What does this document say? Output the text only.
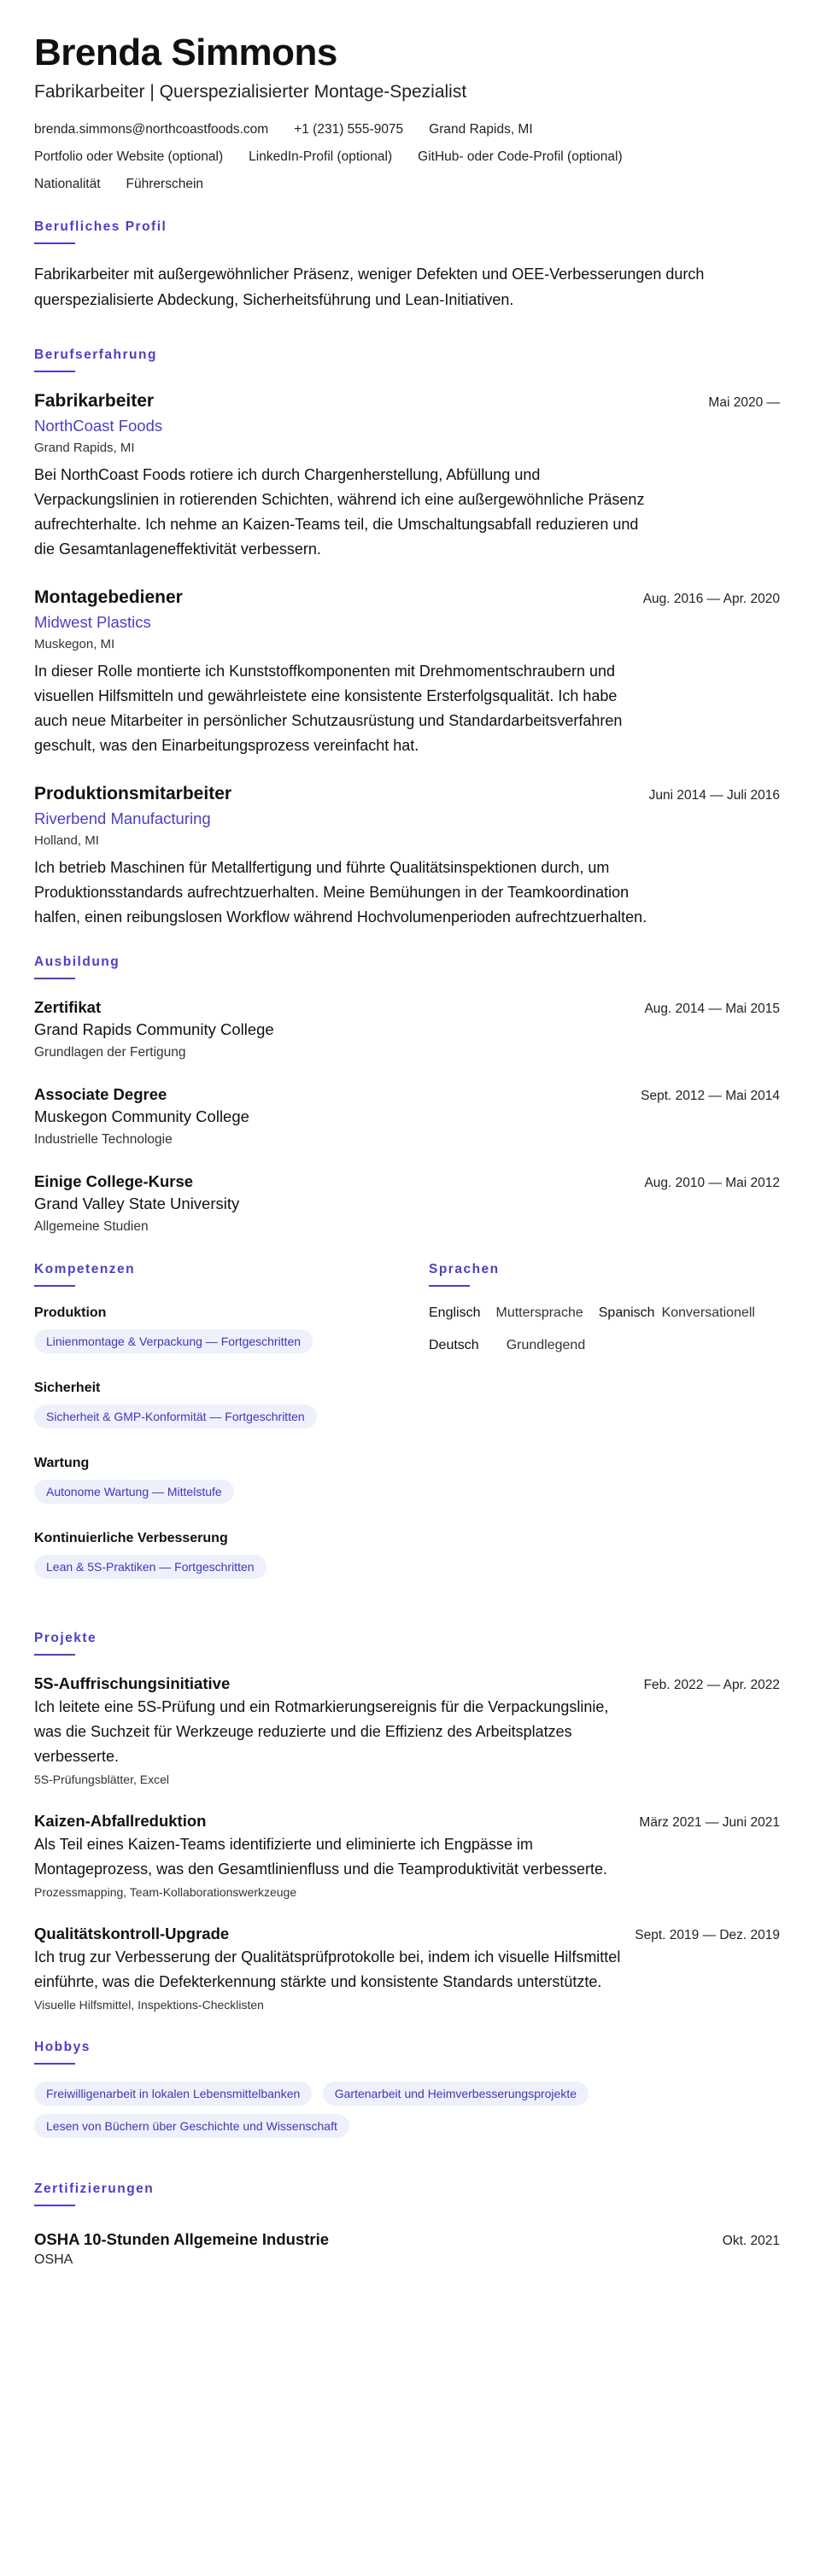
Brenda Simmons
Fabrikarbeiter | Querspezialisierter Montage-Spezialist
brenda.simmons@northcoastfoods.com +1 (231) 555-9075 Grand Rapids, MI
Portfolio oder Website (optional) LinkedIn-Profil (optional) GitHub- oder Code-Profil (optional)
Nationalität Führerschein
Berufliches Profil

Fabrikarbeiter mit außergewöhnlicher Präsenz, weniger Defekten und OEE-Verbesserungen durch querspezialisierte Abdeckung, Sicherheitsführung und Lean-Initiativen.

Berufserfahrung
Fabrikarbeiter	Mai 2020 —
NorthCoast Foods
Grand Rapids, MI

Bei NorthCoast Foods rotiere ich durch Chargenherstellung, Abfüllung und Verpackungslinien in rotierenden Schichten, während ich eine außergewöhnliche Präsenz aufrechterhalte. Ich nehme an Kaizen-Teams teil, die Umschaltungsabfall reduzieren und die Gesamtanlageneffektivität verbessern.

Montagebediener	Aug. 2016 — Apr. 2020
Midwest Plastics
Muskegon, MI

In dieser Rolle montierte ich Kunststoffkomponenten mit Drehmomentschraubern und visuellen Hilfsmitteln und gewährleistete eine konsistente Ersterfolgsqualität. Ich habe auch neue Mitarbeiter in persönlicher Schutzausrüstung und Standardarbeitsverfahren geschult, was den Einarbeitungsprozess vereinfacht hat.

Produktionsmitarbeiter	Juni 2014 — Juli 2016
Riverbend Manufacturing
Holland, MI

Ich betrieb Maschinen für Metallfertigung und führte Qualitätsinspektionen durch, um Produktionsstandards aufrechtzuerhalten. Meine Bemühungen in der Teamkoordination halfen, einen reibungslosen Workflow während Hochvolumenperioden aufrechtzuerhalten.

Ausbildung
Zertifikat	Aug. 2014 — Mai 2015
Grand Rapids Community College
Grundlagen der Fertigung
Associate Degree	Sept. 2012 — Mai 2014
Muskegon Community College
Industrielle Technologie
Einige College-Kurse	Aug. 2010 — Mai 2012
Grand Valley State University
Allgemeine Studien
Kompetenzen
Produktion
Linienmontage & Verpackung — Fortgeschritten
Sicherheit
Sicherheit & GMP-Konformität — Fortgeschritten
Wartung
Autonome Wartung — Mittelstufe
Kontinuierliche Verbesserung
Lean & 5S-Praktiken — Fortgeschritten
Sprachen
Englisch Muttersprache Spanisch Konversationell
Deutsch Grundlegend
Projekte
5S-Auffrischungsinitiative	Feb. 2022 — Apr. 2022

Ich leitete eine 5S-Prüfung und ein Rotmarkierungsereignis für die Verpackungslinie, was die Suchzeit für Werkzeuge reduzierte und die Effizienz des Arbeitsplatzes verbesserte.

5S-Prüfungsblätter, Excel
Kaizen-Abfallreduktion	März 2021 — Juni 2021

Als Teil eines Kaizen-Teams identifizierte und eliminierte ich Engpässe im Montageprozess, was den Gesamtlinienfluss und die Teamproduktivität verbesserte.

Prozessmapping, Team-Kollaborationswerkzeuge
Qualitätskontroll-Upgrade	Sept. 2019 — Dez. 2019

Ich trug zur Verbesserung der Qualitätsprüfprotokolle bei, indem ich visuelle Hilfsmittel einführte, was die Defekterkennung stärkte und konsistente Standards unterstützte.

Visuelle Hilfsmittel, Inspektions-Checklisten
Hobbys
Freiwilligenarbeit in lokalen Lebensmittelbanken	Gartenarbeit und Heimverbesserungsprojekte
Lesen von Büchern über Geschichte und Wissenschaft
Zertifizierungen
OSHA 10-Stunden Allgemeine Industrie	Okt. 2021
OSHA
